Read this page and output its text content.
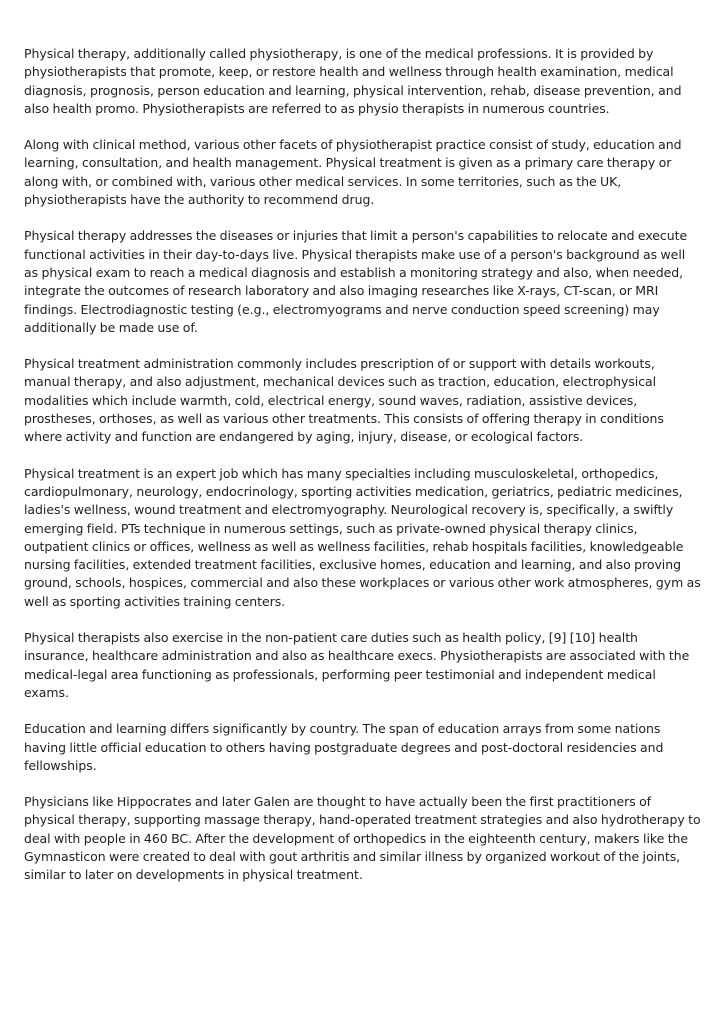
Physical therapy, additionally called physiotherapy, is one of the medical professions. It is provided by physiotherapists that promote, keep, or restore health and wellness through health examination, medical diagnosis, prognosis, person education and learning, physical intervention, rehab, disease prevention, and also health promo. Physiotherapists are referred to as physio therapists in numerous countries.

Along with clinical method, various other facets of physiotherapist practice consist of study, education and learning, consultation, and health management. Physical treatment is given as a primary care therapy or along with, or combined with, various other medical services. In some territories, such as the UK, physiotherapists have the authority to recommend drug.

Physical therapy addresses the diseases or injuries that limit a person's capabilities to relocate and execute functional activities in their day-to-days live. Physical therapists make use of a person's background as well as physical exam to reach a medical diagnosis and establish a monitoring strategy and also, when needed, integrate the outcomes of research laboratory and also imaging researches like X-rays, CT-scan, or MRI findings. Electrodiagnostic testing (e.g., electromyograms and nerve conduction speed screening) may additionally be made use of.

Physical treatment administration commonly includes prescription of or support with details workouts, manual therapy, and also adjustment, mechanical devices such as traction, education, electrophysical modalities which include warmth, cold, electrical energy, sound waves, radiation, assistive devices, prostheses, orthoses, as well as various other treatments. This consists of offering therapy in conditions where activity and function are endangered by aging, injury, disease, or ecological factors.

Physical treatment is an expert job which has many specialties including musculoskeletal, orthopedics, cardiopulmonary, neurology, endocrinology, sporting activities medication, geriatrics, pediatric medicines, ladies's wellness, wound treatment and electromyography. Neurological recovery is, specifically, a swiftly emerging field. PTs technique in numerous settings, such as private-owned physical therapy clinics, outpatient clinics or offices, wellness as well as wellness facilities, rehab hospitals facilities, knowledgeable nursing facilities, extended treatment facilities, exclusive homes, education and learning, and also proving ground, schools, hospices, commercial and also these workplaces or various other work atmospheres, gym as well as sporting activities training centers.

Physical therapists also exercise in the non-patient care duties such as health policy, [9] [10] health insurance, healthcare administration and also as healthcare execs. Physiotherapists are associated with the medical-legal area functioning as professionals, performing peer testimonial and independent medical exams.

Education and learning differs significantly by country. The span of education arrays from some nations having little official education to others having postgraduate degrees and post-doctoral residencies and fellowships.

Physicians like Hippocrates and later Galen are thought to have actually been the first practitioners of physical therapy, supporting massage therapy, hand-operated treatment strategies and also hydrotherapy to deal with people in 460 BC. After the development of orthopedics in the eighteenth century, makers like the Gymnasticon were created to deal with gout arthritis and similar illness by organized workout of the joints, similar to later on developments in physical treatment.
